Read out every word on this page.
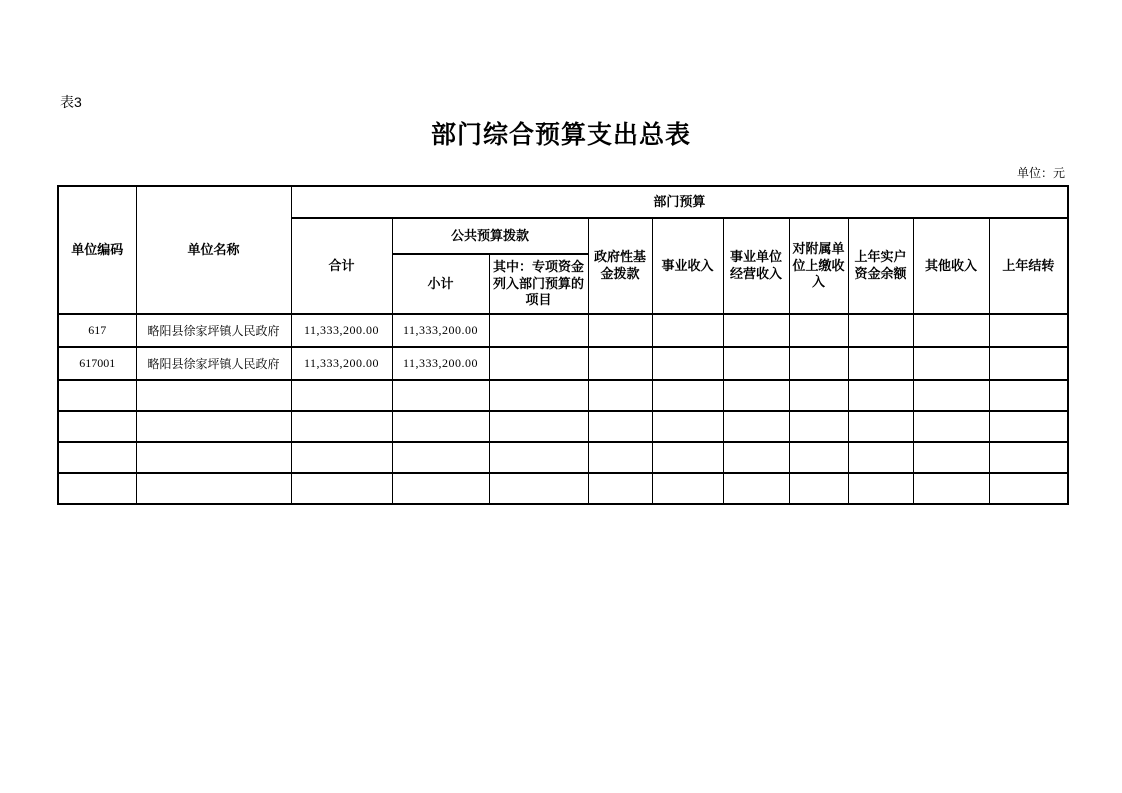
表3
部门综合预算支出总表
单位：元
单位编码	单位名称	部门预算									
		合计	公共预算拨款		政府性基金拨款	事业收入	事业单位经营收入	对附属单位上缴收入	上年实户资金余额	其他收入	上年结转
			小计	其中：专项资金列入部门预算的项目							
617	略阳县徐家坪镇人民政府	11,333,200.00	11,333,200.00								
617001	略阳县徐家坪镇人民政府	11,333,200.00	11,333,200.00								
